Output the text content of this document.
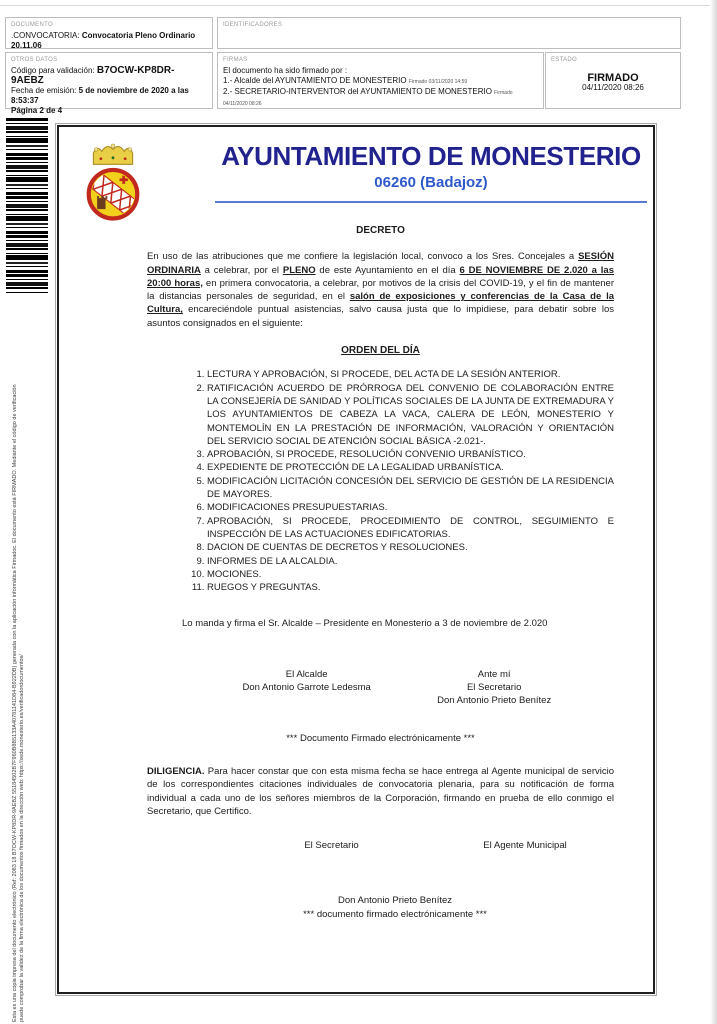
DOCUMENTO
.CONVOCATORIA: Convocatoria Pleno Ordinario
20.11.06
IDENTIFICADORES
OTROS DATOS
Código para validación: B7OCW-KP8DR-9AEBZ
Fecha de emisión: 5 de noviembre de 2020 a las 8:53:37
Página 2 de 4
FIRMAS
El documento ha sido firmado por :
1.- Alcalde del AYUNTAMIENTO DE MONESTERIO Firmado 03/11/2020 14:59
2.- SECRETARIO-INTERVENTOR del AYUNTAMIENTO DE MONESTERIO Firmado 04/11/2020 08:26
ESTADO
FIRMADO
04/11/2020 08:26
Esta es una copia impresa del documento electrónico (Ref: 2083 18 B7OCW-KP8DR-9AEBZ 55184502B7F960B8B5133A40781141D84-B922DB) generada con la aplicación informática Firmadoc. El documento está FIRMADO. Mediante el código de verificación puede comprobar la validez de la firma electrónica de los documentos firmados en la dirección web: https://sede.monesterio.es/verificadordocumentos/
AYUNTAMIENTO DE MONESTERIO
06260 (Badajoz)
DECRETO

En uso de las atribuciones que me confiere la legislación local, convoco a los Sres. Concejales a SESIÓN ORDINARIA a celebrar, por el PLENO de este Ayuntamiento en el día 6 DE NOVIEMBRE DE 2.020 a las 20:00 horas, en primera convocatoria, a celebrar, por motivos de la crisis del COVID-19, y el fin de mantener la distancias personales de seguridad, en el salón de exposiciones y conferencias de la Casa de la Cultura, encareciéndole puntual asistencias, salvo causa justa que lo impidiese, para debatir sobre los asuntos consignados en el siguiente:

ORDEN DEL DÍA
1. LECTURA Y APROBACIÓN, SI PROCEDE, DEL ACTA DE LA SESIÓN ANTERIOR.
2. RATIFICACIÓN ACUERDO DE PRÓRROGA DEL CONVENIO DE COLABORACIÓN ENTRE LA CONSEJERÍA DE SANIDAD Y POLÍTICAS SOCIALES DE LA JUNTA DE EXTREMADURA Y LOS AYUNTAMIENTOS DE CABEZA LA VACA, CALERA DE LEÓN, MONESTERIO Y MONTEMOLÍN EN LA PRESTACIÓN DE INFORMACIÓN, VALORACIÓN Y ORIENTACIÓN DEL SERVICIO SOCIAL DE ATENCIÓN SOCIAL BÁSICA -2.021-.
3. APROBACIÓN, SI PROCEDE, RESOLUCIÓN CONVENIO URBANÍSTICO.
4. EXPEDIENTE DE PROTECCIÓN DE LA LEGALIDAD URBANÍSTICA.
5. MODIFICACIÓN LICITACIÓN CONCESIÓN DEL SERVICIO DE GESTIÓN DE LA RESIDENCIA DE MAYORES.
6. MODIFICACIONES PRESUPUESTARIAS.
7. APROBACIÓN, SI PROCEDE, PROCEDIMIENTO DE CONTROL, SEGUIMIENTO E INSPECCIÓN DE LAS ACTUACIONES EDIFICATORIAS.
8. DACION DE CUENTAS DE DECRETOS Y RESOLUCIONES.
9. INFORMES DE LA ALCALDIA.
10. MOCIONES.
11. RUEGOS Y PREGUNTAS.
Lo manda y firma el Sr. Alcalde – Presidente en Monesterio a 3 de noviembre de 2.020
El Alcalde
Don Antonio Garrote Ledesma
Ante mí
El Secretario
Don Antonio Prieto Benítez
*** Documento Firmado electrónicamente ***

DILIGENCIA. Para hacer constar que con esta misma fecha se hace entrega al Agente municipal de servicio de los correspondientes citaciones individuales de convocatoria plenaria, para su notificación de forma individual a cada uno de los señores miembros de la Corporación, firmando en prueba de ello conmigo el Secretario, que Certifico.

El Secretario	El Agente Municipal
Don Antonio Prieto Benítez
*** documento firmado electrónicamente ***
